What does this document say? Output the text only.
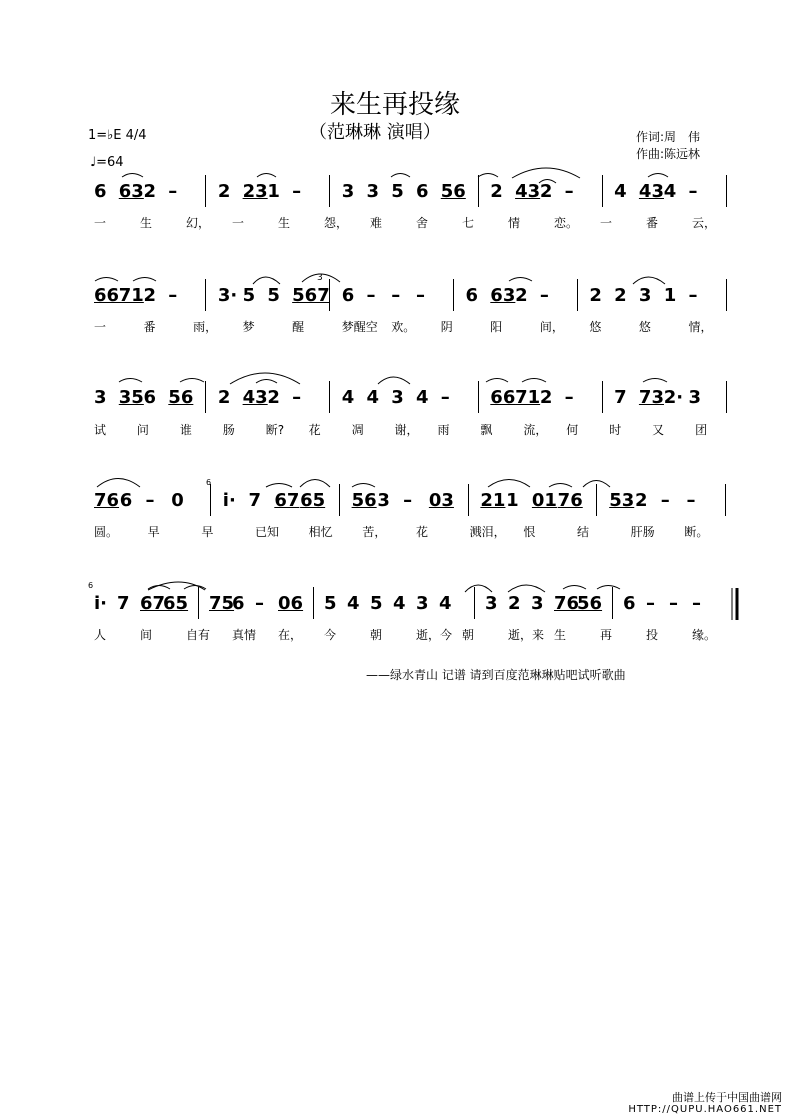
来生再投缘
（范琳琳 演唱）
1=♭E 4/4
♩=64
作词:周　伟
作曲:陈远林
6 63 2 – 2 23 1 – 3 3 5 6 56 2 43 2 – 4 43 4 –
一	生	幻， 一	生	怨， 难	舍	七	情	恋。 一	番	云，
66 71 2 – 3· 5 5 567 6 – – – 6 63 2 – 2 2 3 1 –
一	番	雨， 梦	醒	梦醒空 欢。 阴	阳	间， 悠	悠	情，
3 35 6 56 2 43 2 – 4 4 3 4 – 66 71 2 – 7 73 2· 3
试	问	谁	肠	断? 花	凋	谢， 雨	飘	流， 何	时	又	团
76 6 – 0 i· 7 67 65 56 3 – 03 21 1 01 76 53 2 – –
圆。 早	早	已知 相忆 苦， 花	溅泪， 恨	结	肝肠 断。
i· 7 67
65 75
6 – 06 5 4 5 4 3 4 3 2 3 76
56 6 – – –
人	间	自有 真情 在， 今	朝	逝，今 朝	逝，来 生	再	投	缘。
6
6
3
——绿水青山 记谱 请到百度范琳琳贴吧试听歌曲
曲谱上传于中国曲谱网
HTTP://QUPU.HAO661.NET
